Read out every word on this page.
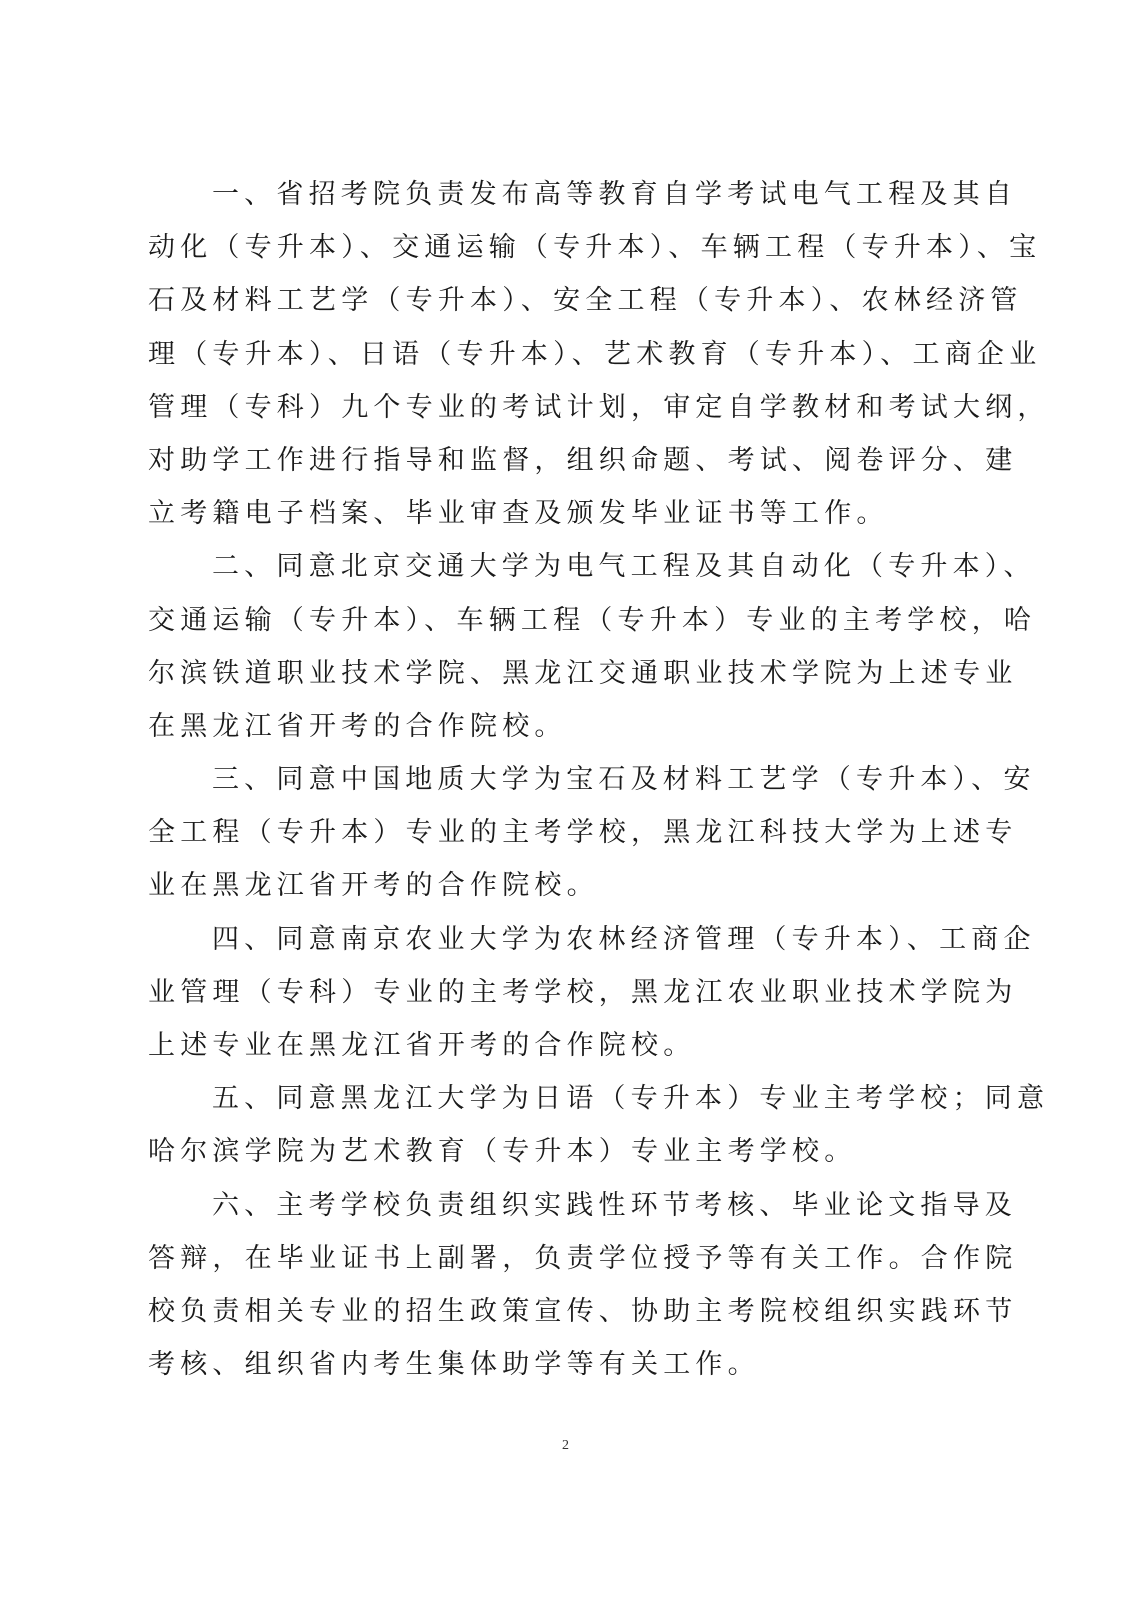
一、省招考院负责发布高等教育自学考试电气工程及其自
动化（专升本）、交通运输（专升本）、车辆工程（专升本）、宝
石及材料工艺学（专升本）、安全工程（专升本）、农林经济管
理（专升本）、日语（专升本）、艺术教育（专升本）、工商企业
管理（专科）九个专业的考试计划，审定自学教材和考试大纲，
对助学工作进行指导和监督，组织命题、考试、阅卷评分、建
立考籍电子档案、毕业审查及颁发毕业证书等工作。
二、同意北京交通大学为电气工程及其自动化（专升本）、
交通运输（专升本）、车辆工程（专升本）专业的主考学校，哈
尔滨铁道职业技术学院、黑龙江交通职业技术学院为上述专业
在黑龙江省开考的合作院校。
三、同意中国地质大学为宝石及材料工艺学（专升本）、安
全工程（专升本）专业的主考学校，黑龙江科技大学为上述专
业在黑龙江省开考的合作院校。
四、同意南京农业大学为农林经济管理（专升本）、工商企
业管理（专科）专业的主考学校，黑龙江农业职业技术学院为
上述专业在黑龙江省开考的合作院校。
五、同意黑龙江大学为日语（专升本）专业主考学校；同意
哈尔滨学院为艺术教育（专升本）专业主考学校。
六、主考学校负责组织实践性环节考核、毕业论文指导及
答辩，在毕业证书上副署，负责学位授予等有关工作。合作院
校负责相关专业的招生政策宣传、协助主考院校组织实践环节
考核、组织省内考生集体助学等有关工作。
2
